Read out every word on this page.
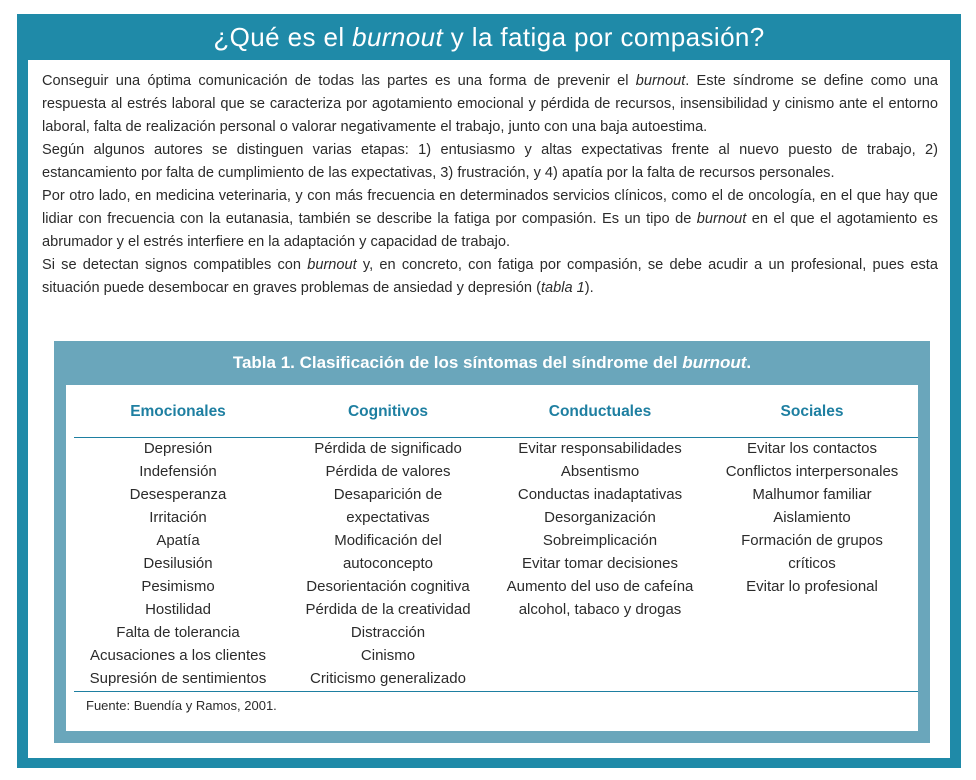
¿Qué es el burnout y la fatiga por compasión?

Conseguir una óptima comunicación de todas las partes es una forma de prevenir el burnout. Este síndrome se define como una respuesta al estrés laboral que se caracteriza por agotamiento emocional y pérdida de recursos, insensibilidad y cinismo ante el entorno laboral, falta de realización personal o valorar negativamente el trabajo, junto con una baja autoestima.

Según algunos autores se distinguen varias etapas: 1) entusiasmo y altas expectativas frente al nuevo puesto de trabajo, 2) estancamiento por falta de cumplimiento de las expectativas, 3) frustración, y 4) apatía por la falta de recursos personales.

Por otro lado, en medicina veterinaria, y con más frecuencia en determinados servicios clínicos, como el de oncología, en el que hay que lidiar con frecuencia con la eutanasia, también se describe la fatiga por compasión. Es un tipo de burnout en el que el agotamiento es abrumador y el estrés interfiere en la adaptación y capacidad de trabajo.

Si se detectan signos compatibles con burnout y, en concreto, con fatiga por compasión, se debe acudir a un profesional, pues esta situación puede desembocar en graves problemas de ansiedad y depresión (tabla 1).

Tabla 1. Clasificación de los síntomas del síndrome del burnout.
Emocionales
Depresión
Indefensión
Desesperanza
Irritación
Apatía
Desilusión
Pesimismo
Hostilidad
Falta de tolerancia
Acusaciones a los clientes
Supresión de sentimientos
Cognitivos
Pérdida de significado
Pérdida de valores
Desaparición de
expectativas
Modificación del
autoconcepto
Desorientación cognitiva
Pérdida de la creatividad
Distracción
Cinismo
Criticismo generalizado
Conductuales
Evitar responsabilidades
Absentismo
Conductas inadaptativas
Desorganización
Sobreimplicación
Evitar tomar decisiones
Aumento del uso de cafeína
alcohol, tabaco y drogas
Sociales
Evitar los contactos
Conflictos interpersonales
Malhumor familiar
Aislamiento
Formación de grupos
críticos
Evitar lo profesional
Fuente: Buendía y Ramos, 2001.
